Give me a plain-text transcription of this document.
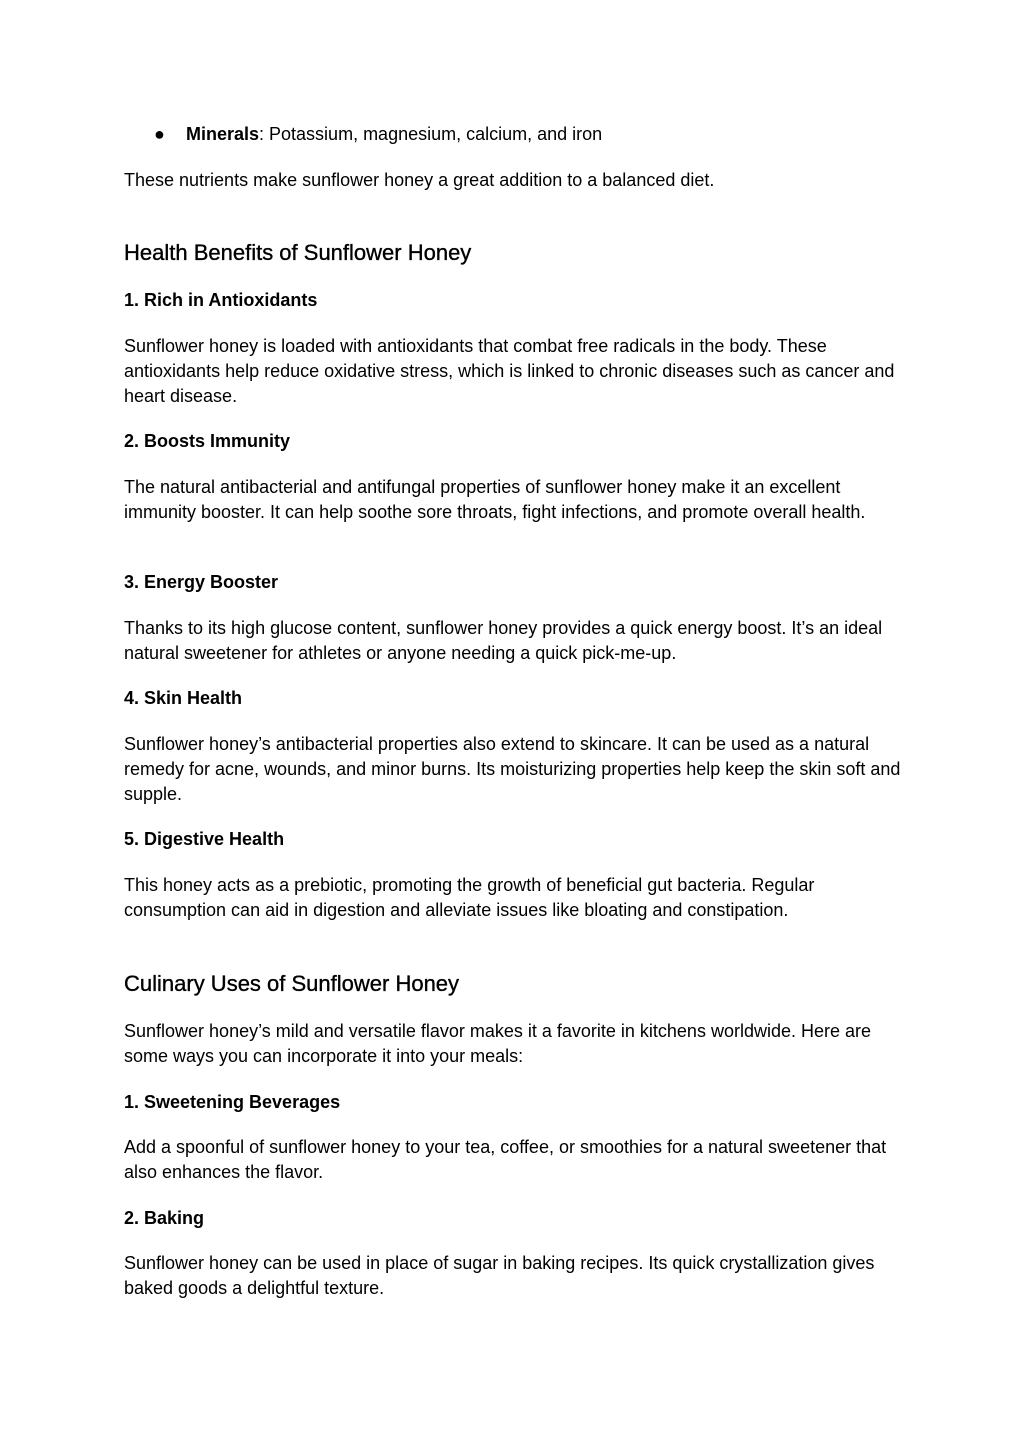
●	Minerals: Potassium, magnesium, calcium, and iron

These nutrients make sunflower honey a great addition to a balanced diet.

Health Benefits of Sunflower Honey
1. Rich in Antioxidants

Sunflower honey is loaded with antioxidants that combat free radicals in the body. These antioxidants help reduce oxidative stress, which is linked to chronic diseases such as cancer and heart disease.

2. Boosts Immunity

The natural antibacterial and antifungal properties of sunflower honey make it an excellent immunity booster. It can help soothe sore throats, fight infections, and promote overall health.

3. Energy Booster

Thanks to its high glucose content, sunflower honey provides a quick energy boost. It’s an ideal natural sweetener for athletes or anyone needing a quick pick-me-up.

4. Skin Health

Sunflower honey’s antibacterial properties also extend to skincare. It can be used as a natural remedy for acne, wounds, and minor burns. Its moisturizing properties help keep the skin soft and supple.

5. Digestive Health

This honey acts as a prebiotic, promoting the growth of beneficial gut bacteria. Regular consumption can aid in digestion and alleviate issues like bloating and constipation.

Culinary Uses of Sunflower Honey

Sunflower honey’s mild and versatile flavor makes it a favorite in kitchens worldwide. Here are some ways you can incorporate it into your meals:

1. Sweetening Beverages

Add a spoonful of sunflower honey to your tea, coffee, or smoothies for a natural sweetener that also enhances the flavor.

2. Baking

Sunflower honey can be used in place of sugar in baking recipes. Its quick crystallization gives baked goods a delightful texture.
